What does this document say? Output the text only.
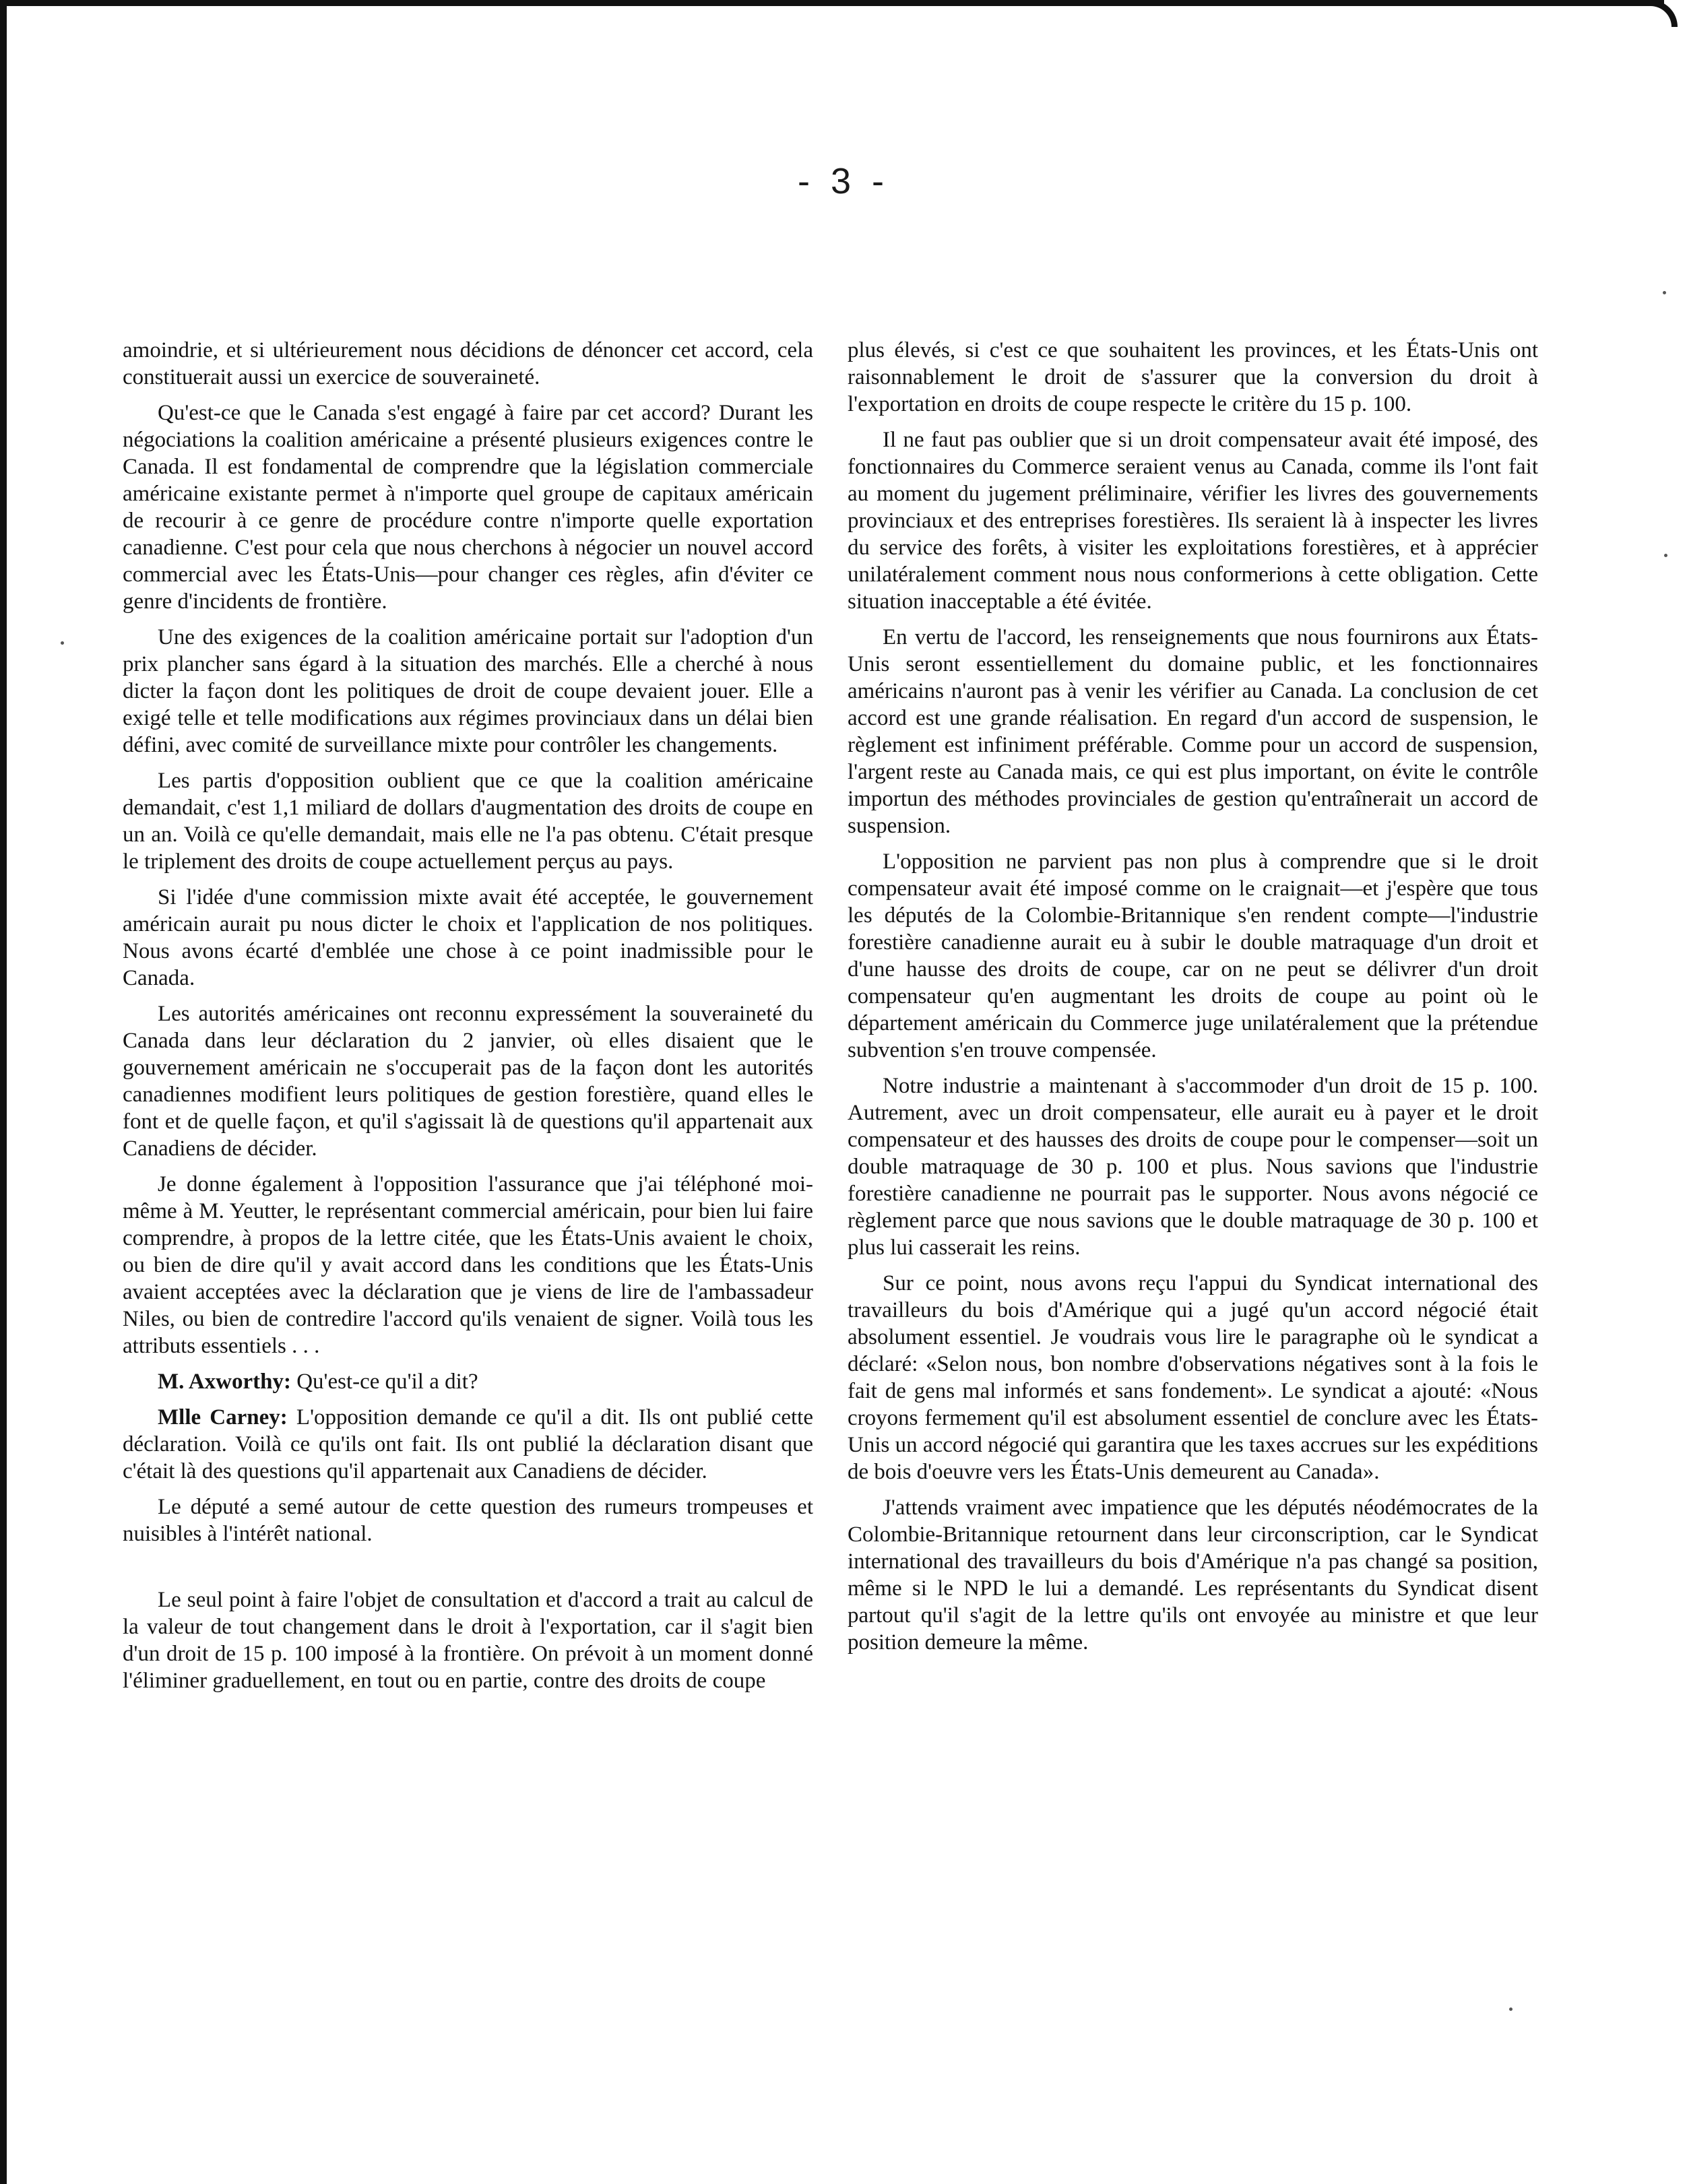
- 3 -

amoindrie, et si ultérieurement nous décidions de dénoncer cet accord, cela constituerait aussi un exercice de souveraineté.

Qu'est-ce que le Canada s'est engagé à faire par cet accord? Durant les négociations la coalition américaine a présenté plusieurs exigences contre le Canada. Il est fondamental de comprendre que la législation commerciale américaine existante permet à n'importe quel groupe de capitaux américain de recourir à ce genre de procédure contre n'importe quelle exportation canadienne. C'est pour cela que nous cherchons à négocier un nouvel accord commercial avec les États-Unis—pour changer ces règles, afin d'éviter ce genre d'incidents de frontière.

Une des exigences de la coalition américaine portait sur l'adoption d'un prix plancher sans égard à la situation des marchés. Elle a cherché à nous dicter la façon dont les politiques de droit de coupe devaient jouer. Elle a exigé telle et telle modifications aux régimes provinciaux dans un délai bien défini, avec comité de surveillance mixte pour contrôler les changements.

Les partis d'opposition oublient que ce que la coalition américaine demandait, c'est 1,1 miliard de dollars d'augmentation des droits de coupe en un an. Voilà ce qu'elle demandait, mais elle ne l'a pas obtenu. C'était presque le triplement des droits de coupe actuellement perçus au pays.

Si l'idée d'une commission mixte avait été acceptée, le gouvernement américain aurait pu nous dicter le choix et l'application de nos politiques. Nous avons écarté d'emblée une chose à ce point inadmissible pour le Canada.

Les autorités américaines ont reconnu expressément la souveraineté du Canada dans leur déclaration du 2 janvier, où elles disaient que le gouvernement américain ne s'occuperait pas de la façon dont les autorités canadiennes modifient leurs politiques de gestion forestière, quand elles le font et de quelle façon, et qu'il s'agissait là de questions qu'il appartenait aux Canadiens de décider.

Je donne également à l'opposition l'assurance que j'ai téléphoné moi-même à M. Yeutter, le représentant commercial américain, pour bien lui faire comprendre, à propos de la lettre citée, que les États-Unis avaient le choix, ou bien de dire qu'il y avait accord dans les conditions que les États-Unis avaient acceptées avec la déclaration que je viens de lire de l'ambassadeur Niles, ou bien de contredire l'accord qu'ils venaient de signer. Voilà tous les attributs essentiels . . .

M. Axworthy: Qu'est-ce qu'il a dit?

Mlle Carney: L'opposition demande ce qu'il a dit. Ils ont publié cette déclaration. Voilà ce qu'ils ont fait. Ils ont publié la déclaration disant que c'était là des questions qu'il appartenait aux Canadiens de décider.

Le député a semé autour de cette question des rumeurs trompeuses et nuisibles à l'intérêt national.

Le seul point à faire l'objet de consultation et d'accord a trait au calcul de la valeur de tout changement dans le droit à l'exportation, car il s'agit bien d'un droit de 15 p. 100 imposé à la frontière. On prévoit à un moment donné l'éliminer graduellement, en tout ou en partie, contre des droits de coupe

plus élevés, si c'est ce que souhaitent les provinces, et les États-Unis ont raisonnablement le droit de s'assurer que la conversion du droit à l'exportation en droits de coupe respecte le critère du 15 p. 100.

Il ne faut pas oublier que si un droit compensateur avait été imposé, des fonctionnaires du Commerce seraient venus au Canada, comme ils l'ont fait au moment du jugement préliminaire, vérifier les livres des gouvernements provinciaux et des entreprises forestières. Ils seraient là à inspecter les livres du service des forêts, à visiter les exploitations forestières, et à apprécier unilatéralement comment nous nous conformerions à cette obligation. Cette situation inacceptable a été évitée.

En vertu de l'accord, les renseignements que nous fournirons aux États-Unis seront essentiellement du domaine public, et les fonctionnaires américains n'auront pas à venir les vérifier au Canada. La conclusion de cet accord est une grande réalisation. En regard d'un accord de suspension, le règlement est infiniment préférable. Comme pour un accord de suspension, l'argent reste au Canada mais, ce qui est plus important, on évite le contrôle importun des méthodes provinciales de gestion qu'entraînerait un accord de suspension.

L'opposition ne parvient pas non plus à comprendre que si le droit compensateur avait été imposé comme on le craignait—et j'espère que tous les députés de la Colombie-Britannique s'en rendent compte—l'industrie forestière canadienne aurait eu à subir le double matraquage d'un droit et d'une hausse des droits de coupe, car on ne peut se délivrer d'un droit compensateur qu'en augmentant les droits de coupe au point où le département américain du Commerce juge unilatéralement que la prétendue subvention s'en trouve compensée.

Notre industrie a maintenant à s'accommoder d'un droit de 15 p. 100. Autrement, avec un droit compensateur, elle aurait eu à payer et le droit compensateur et des hausses des droits de coupe pour le compenser—soit un double matraquage de 30 p. 100 et plus. Nous savions que l'industrie forestière canadienne ne pourrait pas le supporter. Nous avons négocié ce règlement parce que nous savions que le double matraquage de 30 p. 100 et plus lui casserait les reins.

Sur ce point, nous avons reçu l'appui du Syndicat international des travailleurs du bois d'Amérique qui a jugé qu'un accord négocié était absolument essentiel. Je voudrais vous lire le paragraphe où le syndicat a déclaré: «Selon nous, bon nombre d'observations négatives sont à la fois le fait de gens mal informés et sans fondement». Le syndicat a ajouté: «Nous croyons fermement qu'il est absolument essentiel de conclure avec les États-Unis un accord négocié qui garantira que les taxes accrues sur les expéditions de bois d'oeuvre vers les États-Unis demeurent au Canada».

J'attends vraiment avec impatience que les députés néodémocrates de la Colombie-Britannique retournent dans leur circonscription, car le Syndicat international des travailleurs du bois d'Amérique n'a pas changé sa position, même si le NPD le lui a demandé. Les représentants du Syndicat disent partout qu'il s'agit de la lettre qu'ils ont envoyée au ministre et que leur position demeure la même.
